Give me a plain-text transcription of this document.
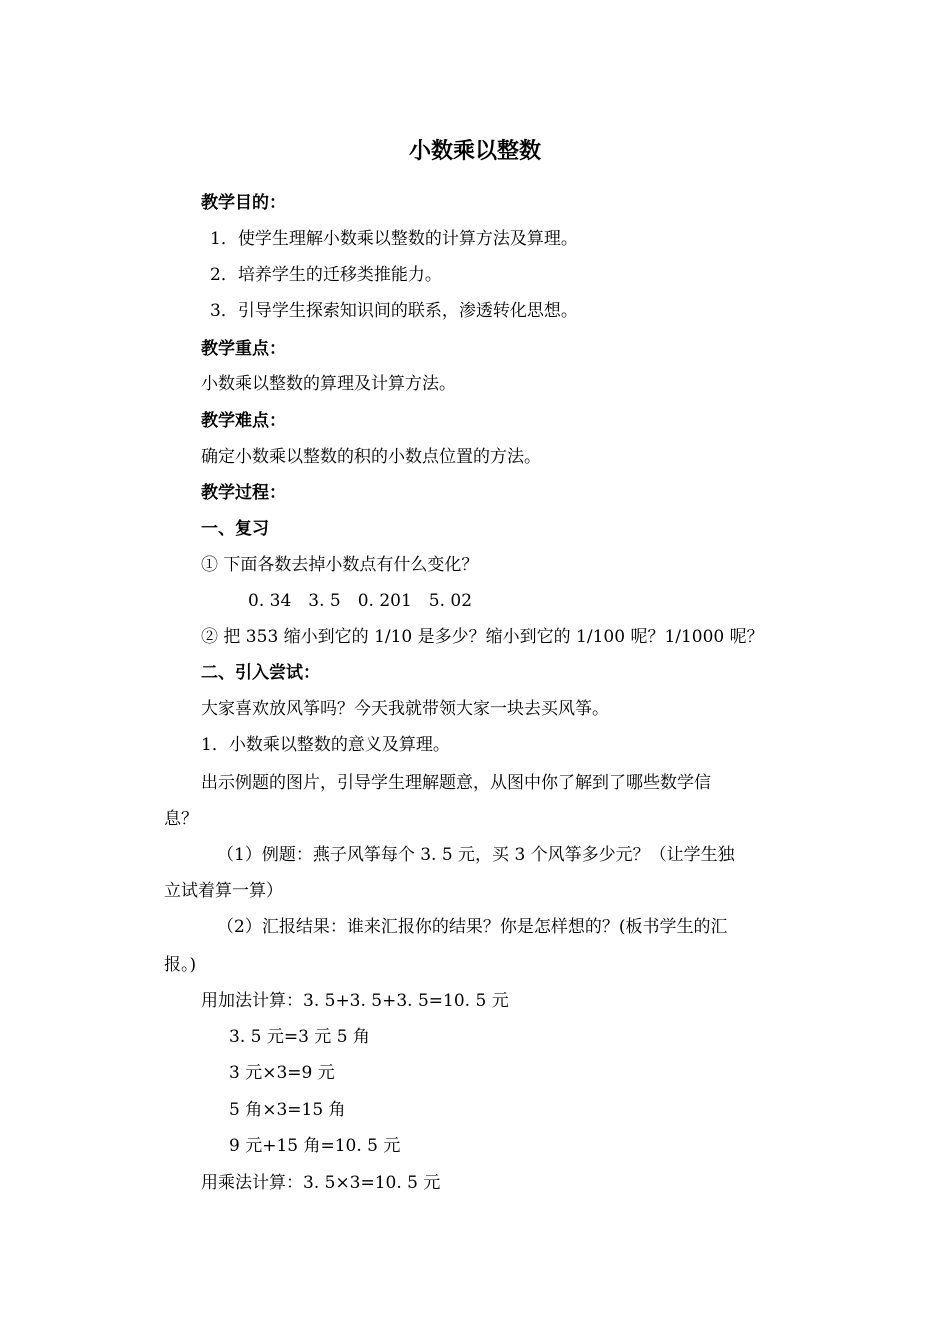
小数乘以整数
教学目的：
1．使学生理解小数乘以整数的计算方法及算理。
2．培养学生的迁移类推能力。
3．引导学生探索知识间的联系，渗透转化思想。
教学重点：
小数乘以整数的算理及计算方法。
教学难点：
确定小数乘以整数的积的小数点位置的方法。
教学过程：
一、复习
① 下面各数去掉小数点有什么变化？
0. 34　3. 5　0. 201　5. 02
② 把 353 缩小到它的 1/10 是多少？缩小到它的 1/100 呢？1/1000 呢？
二、引入尝试：
大家喜欢放风筝吗？今天我就带领大家一块去买风筝。
1．小数乘以整数的意义及算理。
出示例题的图片，引导学生理解题意，从图中你了解到了哪些数学信
息？
（1）例题：燕子风筝每个 3. 5 元，买 3 个风筝多少元？（让学生独
立试着算一算）
（2）汇报结果：谁来汇报你的结果？你是怎样想的？(板书学生的汇
报。)
用加法计算：3. 5+3. 5+3. 5=10. 5 元
3. 5 元=3 元 5 角
3 元×3=9 元
5 角×3=15 角
9 元+15 角=10. 5 元
用乘法计算：3. 5×3=10. 5 元
